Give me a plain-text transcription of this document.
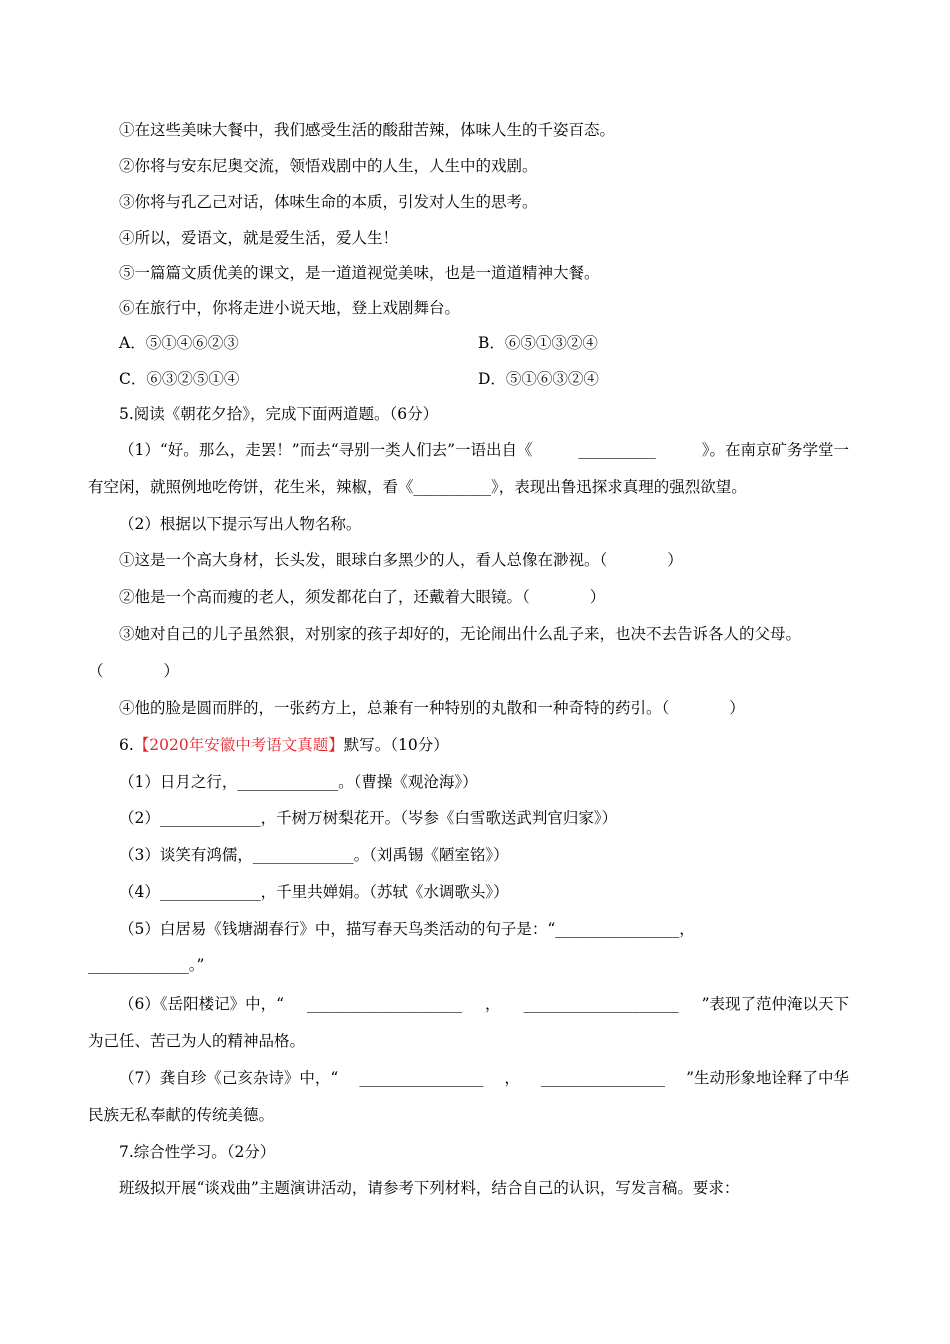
①在这些美味大餐中，我们感受生活的酸甜苦辣，体味人生的千姿百态。
②你将与安东尼奥交流，领悟戏剧中的人生，人生中的戏剧。
③你将与孔乙己对话，体味生命的本质，引发对人生的思考。
④所以，爱语文，就是爱生活，爱人生！
⑤一篇篇文质优美的课文，是一道道视觉美味，也是一道道精神大餐。
⑥在旅行中，你将走进小说天地，登上戏剧舞台。
A．⑤①④⑥②③	B．⑥⑤①③②④
C．⑥③②⑤①④	D．⑤①⑥③②④
5.阅读《朝花夕拾》，完成下面两道题。（6分）
（1）“好。那么，走罢！”而去“寻别一类人们去”一语出自《	__________	》。在南京矿务学堂一
有空闲，就照例地吃侉饼，花生米，辣椒，看《__________》，表现出鲁迅探求真理的强烈欲望。
（2）根据以下提示写出人物名称。
①这是一个高大身材，长头发，眼球白多黑少的人，看人总像在渺视。（	）
②他是一个高而瘦的老人，须发都花白了，还戴着大眼镜。（	）
③她对自己的儿子虽然狠，对别家的孩子却好的，无论闹出什么乱子来，也决不去告诉各人的父母。
（	）
④他的脸是圆而胖的，一张药方上，总兼有一种特别的丸散和一种奇特的药引。（	）
6.【2020年安徽中考语文真题】默写。（10分）
（1）日月之行，_____________。（曹操《观沧海》）
（2）_____________，千树万树梨花开。（岑参《白雪歌送武判官归家》）
（3）谈笑有鸿儒，_____________。（刘禹锡《陋室铭》）
（4）_____________，千里共婵娟。（苏轼《水调歌头》）
（5）白居易《钱塘湖春行》中，描写春天鸟类活动的句子是：“________________，
_____________。”
（6）《岳阳楼记》中，“ ____________________ ， ____________________ ”表现了范仲淹以天下
为己任、苦己为人的精神品格。
（7）龚自珍《己亥杂诗》中，“ ________________ ， ________________ ”生动形象地诠释了中华
民族无私奉献的传统美德。
7.综合性学习。（2分）
班级拟开展“谈戏曲”主题演讲活动，请参考下列材料，结合自己的认识，写发言稿。要求：
